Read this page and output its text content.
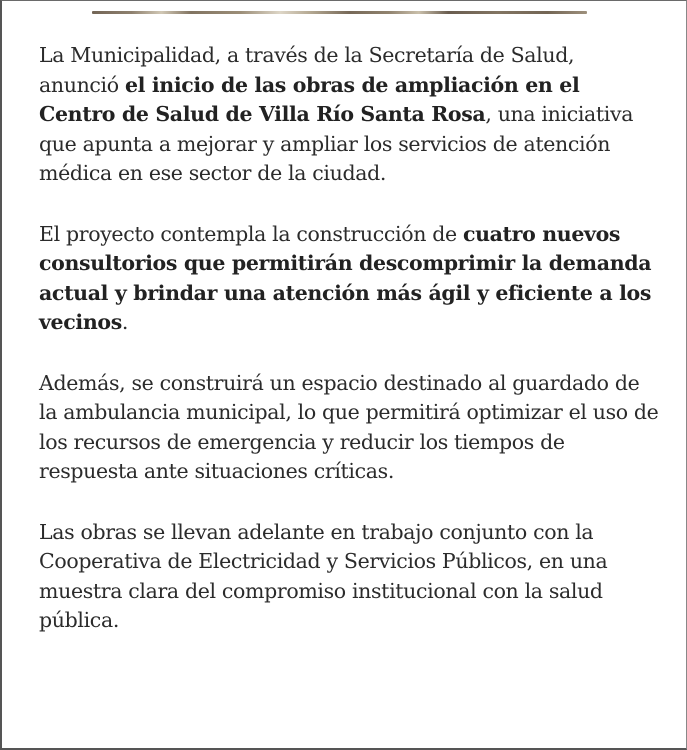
La Municipalidad, a través de la Secretaría de Salud, anunció el inicio de las obras de ampliación en el Centro de Salud de Villa Río Santa Rosa, una iniciativa que apunta a mejorar y ampliar los servicios de atención médica en ese sector de la ciudad.

El proyecto contempla la construcción de cuatro nuevos consultorios que permitirán descomprimir la demanda actual y brindar una atención más ágil y eficiente a los vecinos.

Además, se construirá un espacio destinado al guardado de la ambulancia municipal, lo que permitirá optimizar el uso de los recursos de emergencia y reducir los tiempos de respuesta ante situaciones críticas.

Las obras se llevan adelante en trabajo conjunto con la Cooperativa de Electricidad y Servicios Públicos, en una muestra clara del compromiso institucional con la salud pública.
